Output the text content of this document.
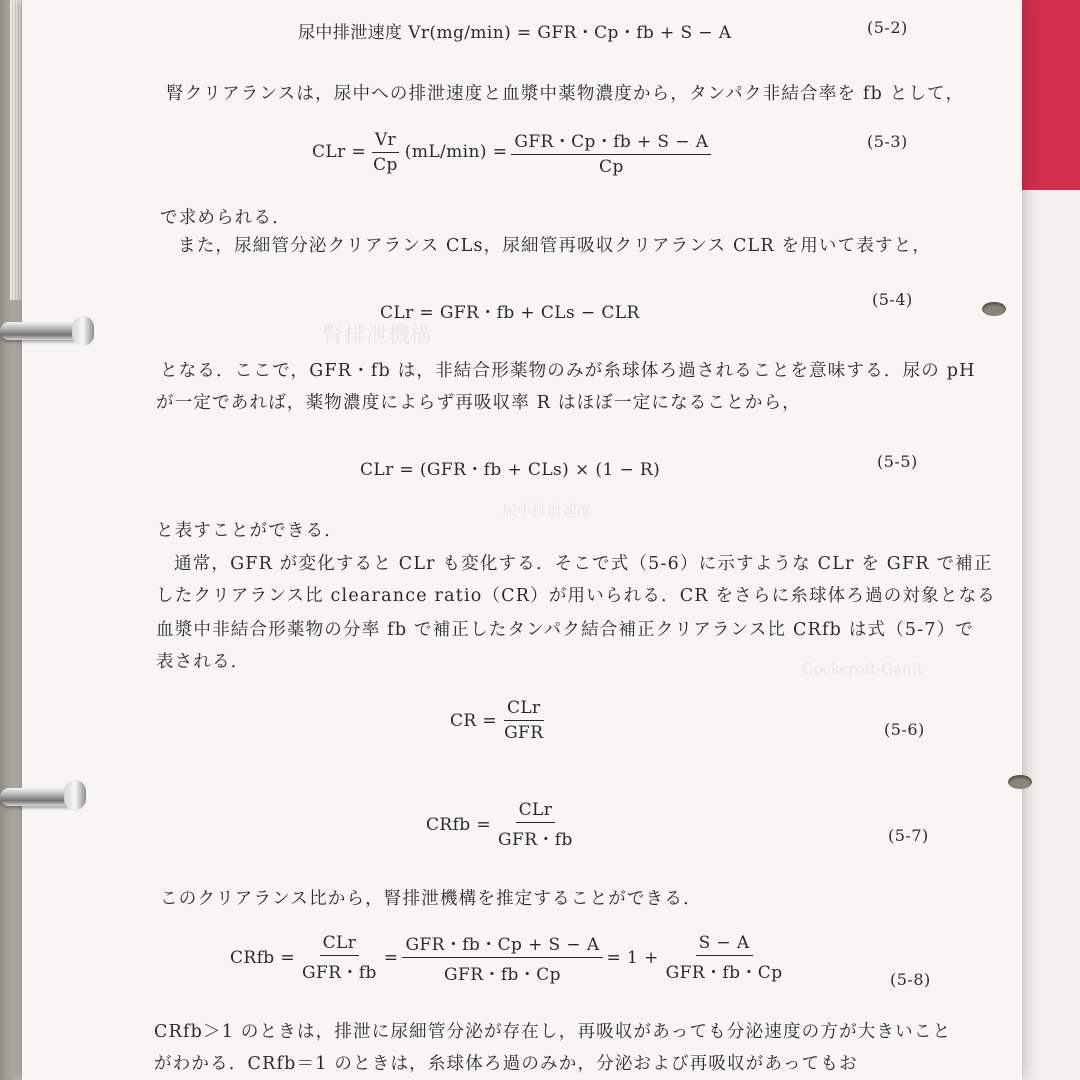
腎排泄機構
尿中排泄速度
Cockcroft-Gault
尿中排泄速度 Vr(mg/min) = GFR・Cp・fb + S − A	(5-2)
腎クリアランスは，尿中への排泄速度と血漿中薬物濃度から，タンパク非結合率を fb として，
CLr = $\frac{Vr}{Cp} (mL/\min) = \frac{\text{GFR・Cp・fb + S − A}}{Cp}$	(5-3)
で求められる．
また，尿細管分泌クリアランス CLs，尿細管再吸収クリアランス CLR を用いて表すと，
CLr = GFR・fb + CLs − CLR
(5-4)
となる．ここで，GFR・fb は，非結合形薬物のみが糸球体ろ過されることを意味する．尿の pH
が一定であれば，薬物濃度によらず再吸収率 R はほぼ一定になることから，
CLr = (GFR・fb + CLs) × (1 − R)	(5-5)
と表すことができる．
通常，GFR が変化すると CLr も変化する．そこで式（5-6）に示すような CLr を GFR で補正
したクリアランス比 clearance ratio（CR）が用いられる．CR をさらに糸球体ろ過の対象となる
血漿中非結合形薬物の分率 fb で補正したタンパク結合補正クリアランス比 CRfb は式（5-7）で
表される．
CR = $\frac{\text{CLr}}{\text{GFR}}$	(5-6)
CRfb = $\frac{\text{CLr}}{\text{GFR・fb}}$	(5-7)
このクリアランス比から，腎排泄機構を推定することができる．
CRfb = $\frac{\text{CLr}}{\text{GFR・fb}} = \frac{\text{GFR・fb・Cp + S − A}}{\text{GFR・fb・Cp}} = 1 + \frac{S - A}{\text{GFR・fb・Cp}}$	(5-8)
CRfb＞1 のときは，排泄に尿細管分泌が存在し，再吸収があっても分泌速度の方が大きいこと
がわかる．CRfb＝1 のときは，糸球体ろ過のみか，分泌および再吸収があってもお
